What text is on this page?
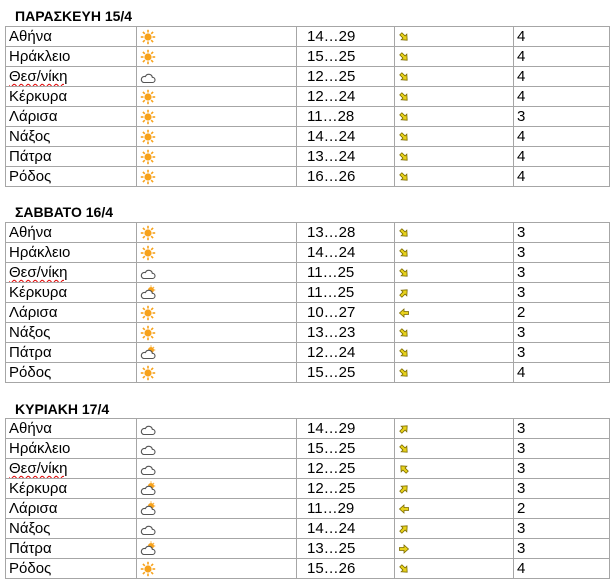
ΠΑΡΑΣΚΕΥΗ 15/4
Αθήνα		14…29		4
Ηράκλειο		15…25		4
Θεσ/νίκη		12…25		4
Κέρκυρα		12…24		4
Λάρισα		11…28		3
Νάξος		14…24		4
Πάτρα		13…24		4
Ρόδος		16…26		4
ΣΑΒΒΑΤΟ 16/4
Αθήνα		13…28		3
Ηράκλειο		14…24		3
Θεσ/νίκη		11…25		3
Κέρκυρα		11…25		3
Λάρισα		10…27		2
Νάξος		13…23		3
Πάτρα		12…24		3
Ρόδος		15…25		4
ΚΥΡΙΑΚΗ 17/4
Αθήνα		14…29		3
Ηράκλειο		15…25		3
Θεσ/νίκη		12…25		3
Κέρκυρα		12…25		3
Λάρισα		11…29		2
Νάξος		14…24		3
Πάτρα		13…25		3
Ρόδος		15…26		4
